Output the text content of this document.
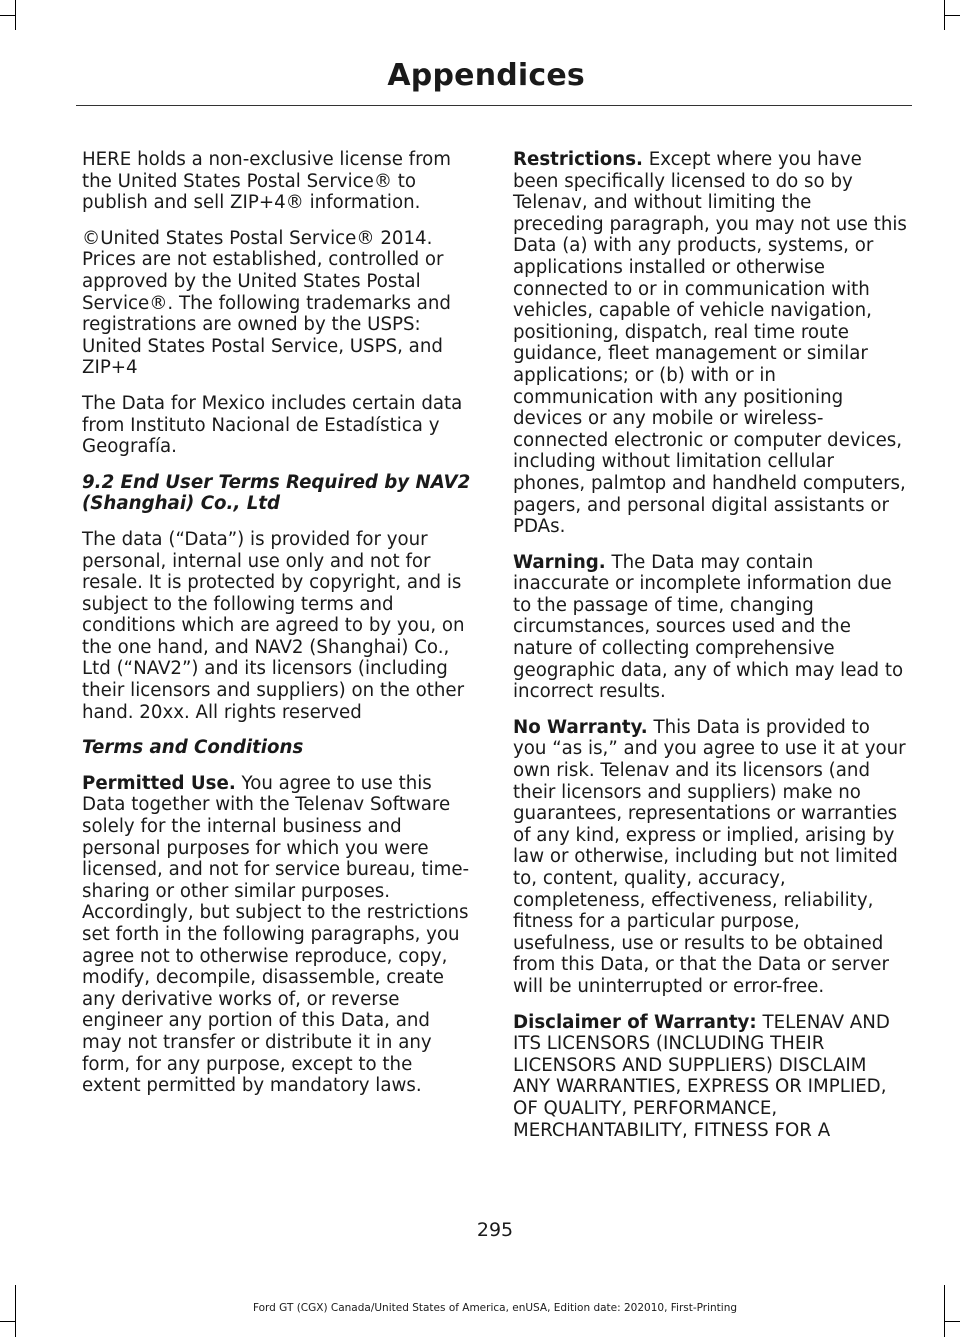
Appendices

HERE holds a non-exclusive license from the United States Postal Service® to publish and sell ZIP+4® information.

©United States Postal Service® 2014. Prices are not established, controlled or approved by the United States Postal Service®. The following trademarks and registrations are owned by the USPS: United States Postal Service, USPS, and ZIP+4

The Data for Mexico includes certain data from Instituto Nacional de Estadística y Geografía.

9.2 End User Terms Required by NAV2 (Shanghai) Co., Ltd

The data (“Data”) is provided for your personal, internal use only and not for resale. It is protected by copyright, and is subject to the following terms and conditions which are agreed to by you, on the one hand, and NAV2 (Shanghai) Co., Ltd (“NAV2”) and its licensors (including their licensors and suppliers) on the other hand. 20xx. All rights reserved

Terms and Conditions

Permitted Use. You agree to use this Data together with the Telenav Software solely for the internal business and personal purposes for which you were licensed, and not for service bureau, time-sharing or other similar purposes. Accordingly, but subject to the restrictions set forth in the following paragraphs, you agree not to otherwise reproduce, copy, modify, decompile, disassemble, create any derivative works of, or reverse engineer any portion of this Data, and may not transfer or distribute it in any form, for any purpose, except to the extent permitted by mandatory laws.

Restrictions. Except where you have been specifically licensed to do so by Telenav, and without limiting the preceding paragraph, you may not use this Data (a) with any products, systems, or applications installed or otherwise connected to or in communication with vehicles, capable of vehicle navigation, positioning, dispatch, real time route guidance, fleet management or similar applications; or (b) with or in communication with any positioning devices or any mobile or wireless-connected electronic or computer devices, including without limitation cellular phones, palmtop and handheld computers, pagers, and personal digital assistants or PDAs.

Warning. The Data may contain inaccurate or incomplete information due to the passage of time, changing circumstances, sources used and the nature of collecting comprehensive geographic data, any of which may lead to incorrect results.

No Warranty. This Data is provided to you “as is,” and you agree to use it at your own risk. Telenav and its licensors (and their licensors and suppliers) make no guarantees, representations or warranties of any kind, express or implied, arising by law or otherwise, including but not limited to, content, quality, accuracy, completeness, effectiveness, reliability, fitness for a particular purpose, usefulness, use or results to be obtained from this Data, or that the Data or server will be uninterrupted or error-free.

Disclaimer of Warranty: TELENAV AND ITS LICENSORS (INCLUDING THEIR LICENSORS AND SUPPLIERS) DISCLAIM ANY WARRANTIES, EXPRESS OR IMPLIED, OF QUALITY, PERFORMANCE, MERCHANTABILITY, FITNESS FOR A

295
Ford GT (CGX) Canada/United States of America, enUSA, Edition date: 202010, First-Printing
